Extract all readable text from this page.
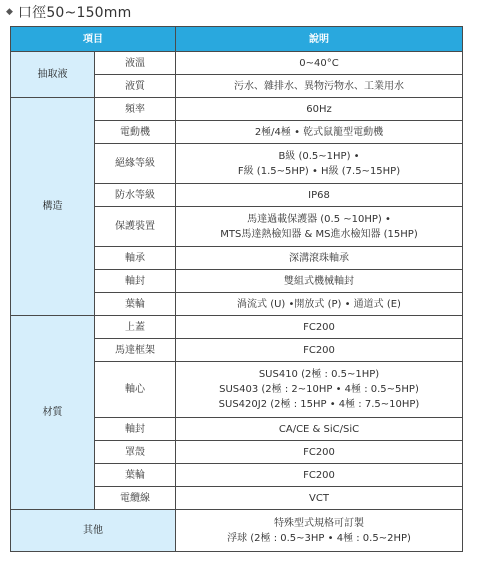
◆ 口徑50~150mm
項目		說明
抽取液	液溫	0~40°C

	液質	污水、雜排水、異物污物水、工業用水

構造	頻率	60Hz

	電動機	2極/4極 • 乾式鼠籠型電動機

	絕緣等級	B級 (0.5~1HP) •
F級 (1.5~5HP) • H級 (7.5~15HP)

	防水等級	IP68

	保護裝置	馬達過載保護器 (0.5 ~10HP) •
MTS馬達熱檢知器 & MS進水檢知器 (15HP)

	軸承	深溝滾珠軸承

	軸封	雙組式機械軸封

	葉輪	渦流式 (U) •開放式 (P) • 通道式 (E)

材質	上蓋	FC200

	馬達框架	FC200

	軸心	SUS410 (2極 : 0.5~1HP)
SUS403 (2極 : 2~10HP • 4極 : 0.5~5HP)
SUS420J2 (2極 : 15HP • 4極 : 7.5~10HP)

	軸封	CA/CE & SiC/SiC

	罩殼	FC200

	葉輪	FC200

	電纜線	VCT

其他		特殊型式規格可訂製
浮球 (2極 : 0.5~3HP • 4極 : 0.5~2HP)
